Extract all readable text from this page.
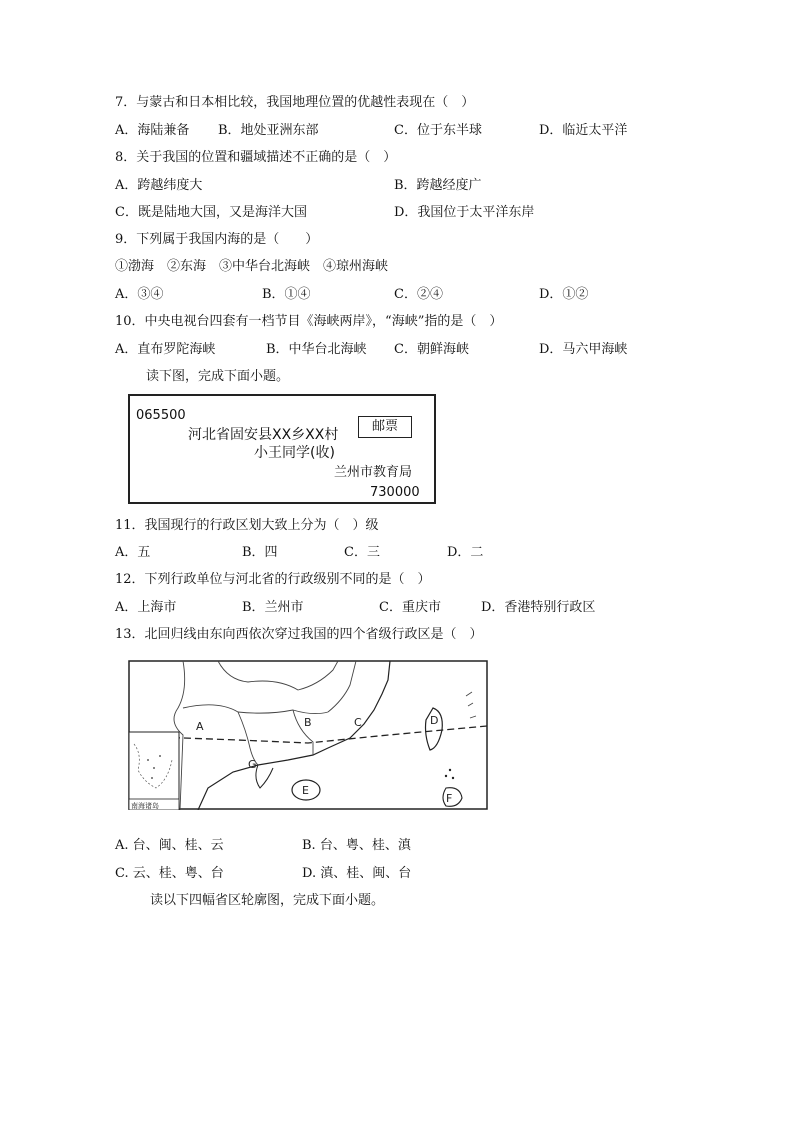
7．与蒙古和日本相比较，我国地理位置的优越性表现在（　）
A．海陆兼备 B．地处亚洲东部	C．位于东半球	D．临近太平洋
8．关于我国的位置和疆域描述不正确的是（　）
A．跨越纬度大	B．跨越经度广
C．既是陆地大国，又是海洋大国	D．我国位于太平洋东岸
9．下列属于我国内海的是（　　）
①渤海　②东海　③中华台北海峡　④琼州海峡
A．③④	B．①④	C．②④	D．①②
10．中央电视台四套有一档节目《海峡两岸》，“海峡”指的是（　）
A．直布罗陀海峡	B．中华台北海峡 C．朝鲜海峡	D．马六甲海峡
读下图，完成下面小题。
065500
河北省固安县XX乡XX村
小王同学(收)
兰州市教育局
730000
邮票
11．我国现行的行政区划大致上分为（　）级
A．五	B．四	C．三	D．二
12．下列行政单位与河北省的行政级别不同的是（　）
A．上海市	B．兰州市	C．重庆市	D．香港特别行政区
13．北回归线由东向西依次穿过我国的四个省级行政区是（　）
南海诸岛
A	B	C	D
E
F
G
A. 台、闽、桂、云	B. 台、粤、桂、滇
C. 云、桂、粤、台	D. 滇、桂、闽、台
读以下四幅省区轮廓图，完成下面小题。
